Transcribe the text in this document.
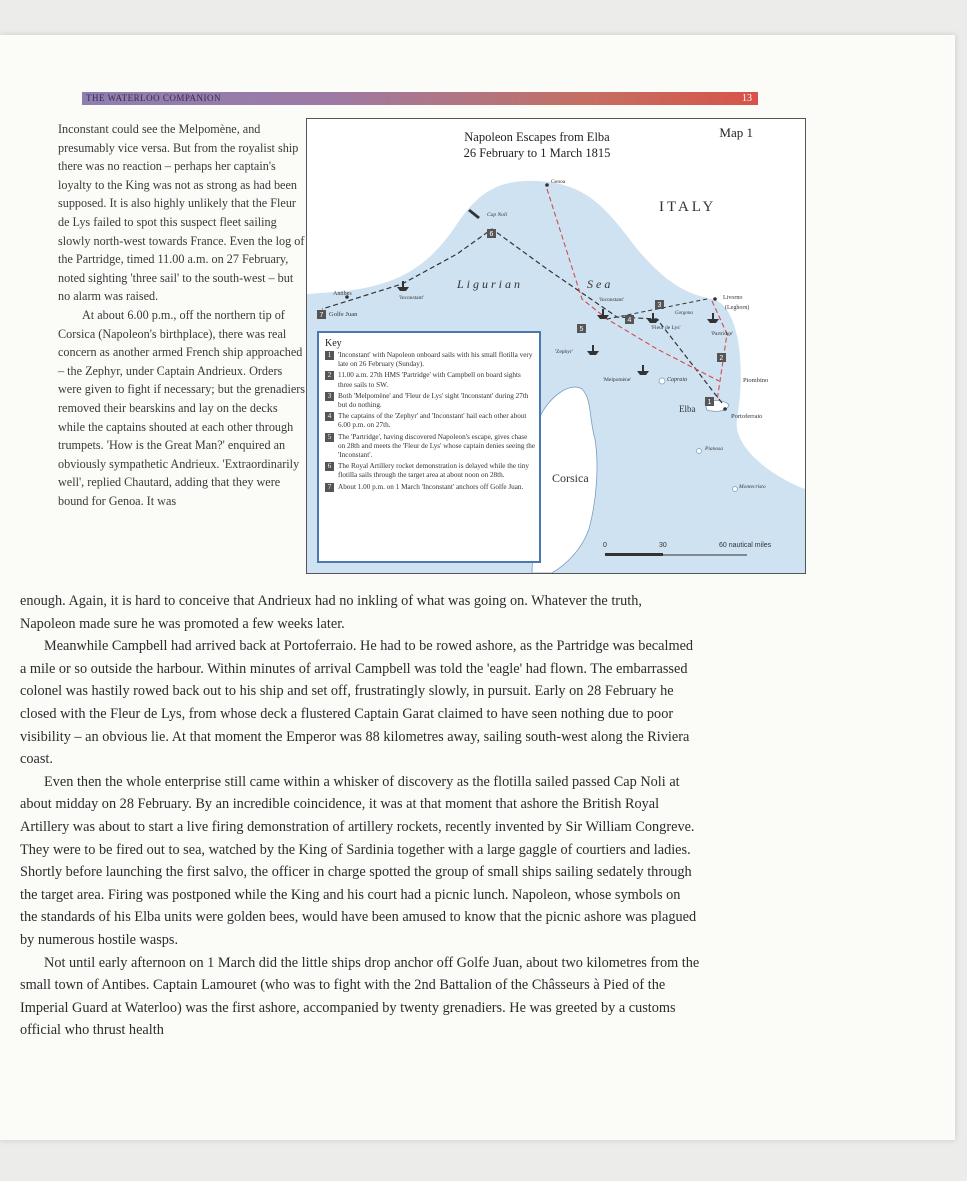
THE WATERLOO COMPANION	13

Inconstant could see the Melpomène, and presumably vice versa. But from the royalist ship there was no reaction – perhaps her captain's loyalty to the King was not as strong as had been supposed. It is also highly unlikely that the Fleur de Lys failed to spot this suspect fleet sailing slowly north-west towards France. Even the log of the Partridge, timed 11.00 a.m. on 27 February, noted sighting 'three sail' to the south-west – but no alarm was raised.

At about 6.00 p.m., off the northern tip of Corsica (Napoleon's birthplace), there was real concern as another armed French ship approached – the Zephyr, under Captain Andrieux. Orders were given to fight if necessary; but the grenadiers removed their bearskins and lay on the decks while the captains shouted at each other through trumpets. 'How is the Great Man?' enquired an obviously sympathetic Andrieux. 'Extraordinarily well', replied Chautard, adding that they were bound for Genoa. It was

7
6
5
4
3
2
1
Napoleon Escapes from Elba
26 February to 1 March 1815
Map 1
ITALY
Ligurian	Sea
Corsica
Elba
Genoa
Cap Noli
Antibes
Golfe Juan
Livorno
(Leghorn)
Piombino
Portoferraio
Capraia
Gorgona
Pianosa
Montecristo
'Inconstant'	'Inconstant'
'Zephyr'
'Melpomène'
'Fleur de Lys'
'Partridge'
0	30	60 nautical miles
Key
1 'Inconstant' with Napoleon onboard sails with his small flotilla very late on 26 February (Sunday).
2 11.00 a.m. 27th HMS 'Partridge' with Campbell on board sights three sails to SW.
3 Both 'Melpomène' and 'Fleur de Lys' sight 'Inconstant' during 27th but do nothing.
4 The captains of the 'Zephyr' and 'Inconstant' hail each other about 6.00 p.m. on 27th.
5 The 'Partridge', having discovered Napoleon's escape, gives chase on 28th and meets the 'Fleur de Lys' whose captain denies seeing the 'Inconstant'.
6 The Royal Artillery rocket demonstration is delayed while the tiny flotilla sails through the target area at about noon on 28th.
7 About 1.00 p.m. on 1 March 'Inconstant' anchors off Golfe Juan.

enough. Again, it is hard to conceive that Andrieux had no inkling of what was going on. Whatever the truth, Napoleon made sure he was promoted a few weeks later.

Meanwhile Campbell had arrived back at Portoferraio. He had to be rowed ashore, as the Partridge was becalmed a mile or so outside the harbour. Within minutes of arrival Campbell was told the 'eagle' had flown. The embarrassed colonel was hastily rowed back out to his ship and set off, frustratingly slowly, in pursuit. Early on 28 February he closed with the Fleur de Lys, from whose deck a flustered Captain Garat claimed to have seen nothing due to poor visibility – an obvious lie. At that moment the Emperor was 88 kilometres away, sailing south-west along the Riviera coast.

Even then the whole enterprise still came within a whisker of discovery as the flotilla sailed passed Cap Noli at about midday on 28 February. By an incredible coincidence, it was at that moment that ashore the British Royal Artillery was about to start a live firing demonstration of artillery rockets, recently invented by Sir William Congreve. They were to be fired out to sea, watched by the King of Sardinia together with a large gaggle of courtiers and ladies. Shortly before launching the first salvo, the officer in charge spotted the group of small ships sailing sedately through the target area. Firing was postponed while the King and his court had a picnic lunch. Napoleon, whose symbols on the standards of his Elba units were golden bees, would have been amused to know that the picnic ashore was plagued by numerous hostile wasps.

Not until early afternoon on 1 March did the little ships drop anchor off Golfe Juan, about two kilometres from the small town of Antibes. Captain Lamouret (who was to fight with the 2nd Battalion of the Châsseurs à Pied of the Imperial Guard at Waterloo) was the first ashore, accompanied by twenty grenadiers. He was greeted by a customs official who thrust health
